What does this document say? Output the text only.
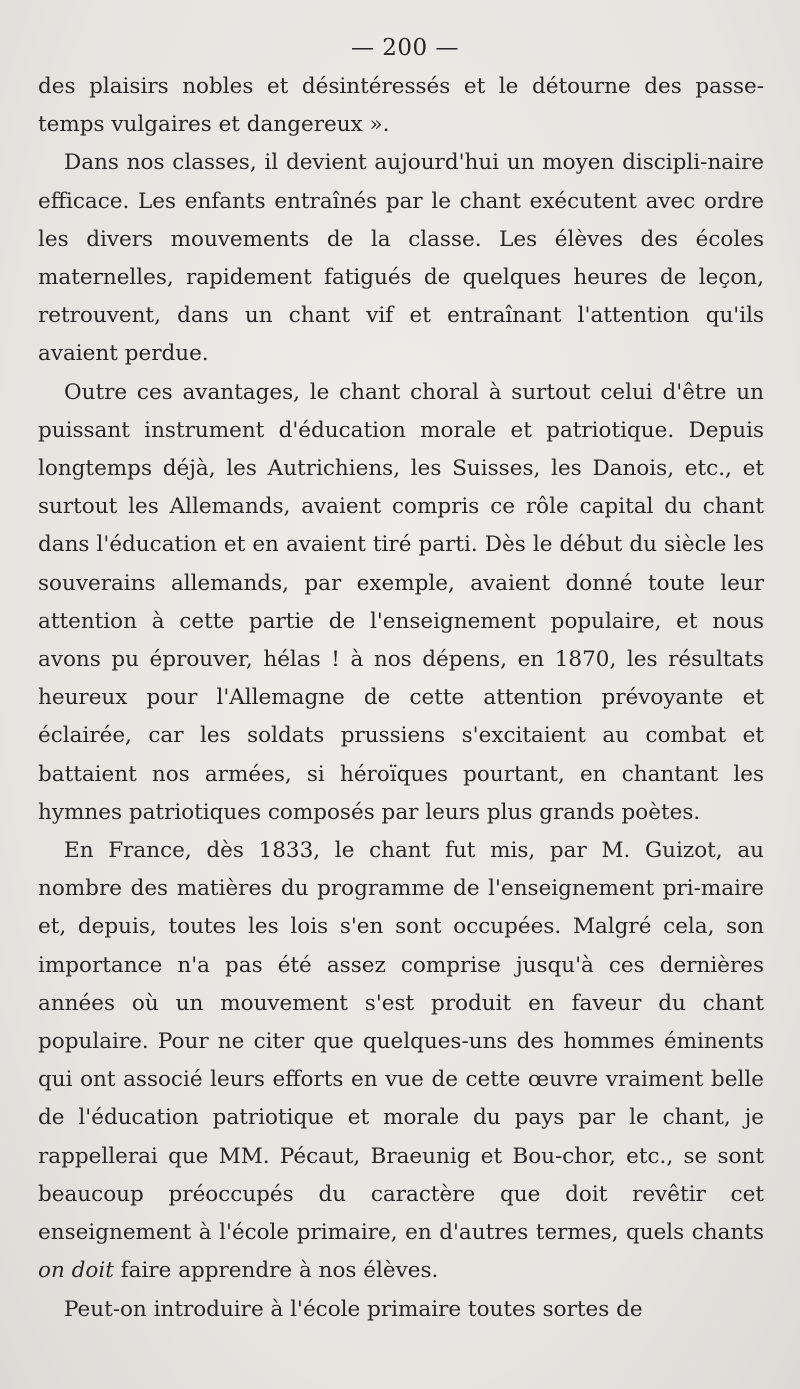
— 200 —

des plaisirs nobles et désintéressés et le détourne des passe-temps vulgaires et dangereux ».

Dans nos classes, il devient aujourd'hui un moyen discipli-naire efficace. Les enfants entraînés par le chant exécutent avec ordre les divers mouvements de la classe. Les élèves des écoles maternelles, rapidement fatigués de quelques heures de leçon, retrouvent, dans un chant vif et entraînant l'attention qu'ils avaient perdue.

Outre ces avantages, le chant choral à surtout celui d'être un puissant instrument d'éducation morale et patriotique. Depuis longtemps déjà, les Autrichiens, les Suisses, les Danois, etc., et surtout les Allemands, avaient compris ce rôle capital du chant dans l'éducation et en avaient tiré parti. Dès le début du siècle les souverains allemands, par exemple, avaient donné toute leur attention à cette partie de l'enseignement populaire, et nous avons pu éprouver, hélas ! à nos dépens, en 1870, les résultats heureux pour l'Allemagne de cette attention prévoyante et éclairée, car les soldats prussiens s'excitaient au combat et battaient nos armées, si héroïques pourtant, en chantant les hymnes patriotiques composés par leurs plus grands poètes.

En France, dès 1833, le chant fut mis, par M. Guizot, au nombre des matières du programme de l'enseignement pri-maire et, depuis, toutes les lois s'en sont occupées. Malgré cela, son importance n'a pas été assez comprise jusqu'à ces dernières années où un mouvement s'est produit en faveur du chant populaire. Pour ne citer que quelques-uns des hommes éminents qui ont associé leurs efforts en vue de cette œuvre vraiment belle de l'éducation patriotique et morale du pays par le chant, je rappellerai que MM. Pécaut, Braeunig et Bou-chor, etc., se sont beaucoup préoccupés du caractère que doit revêtir cet enseignement à l'école primaire, en d'autres termes, quels chants on doit faire apprendre à nos élèves.

Peut-on introduire à l'école primaire toutes sortes de
